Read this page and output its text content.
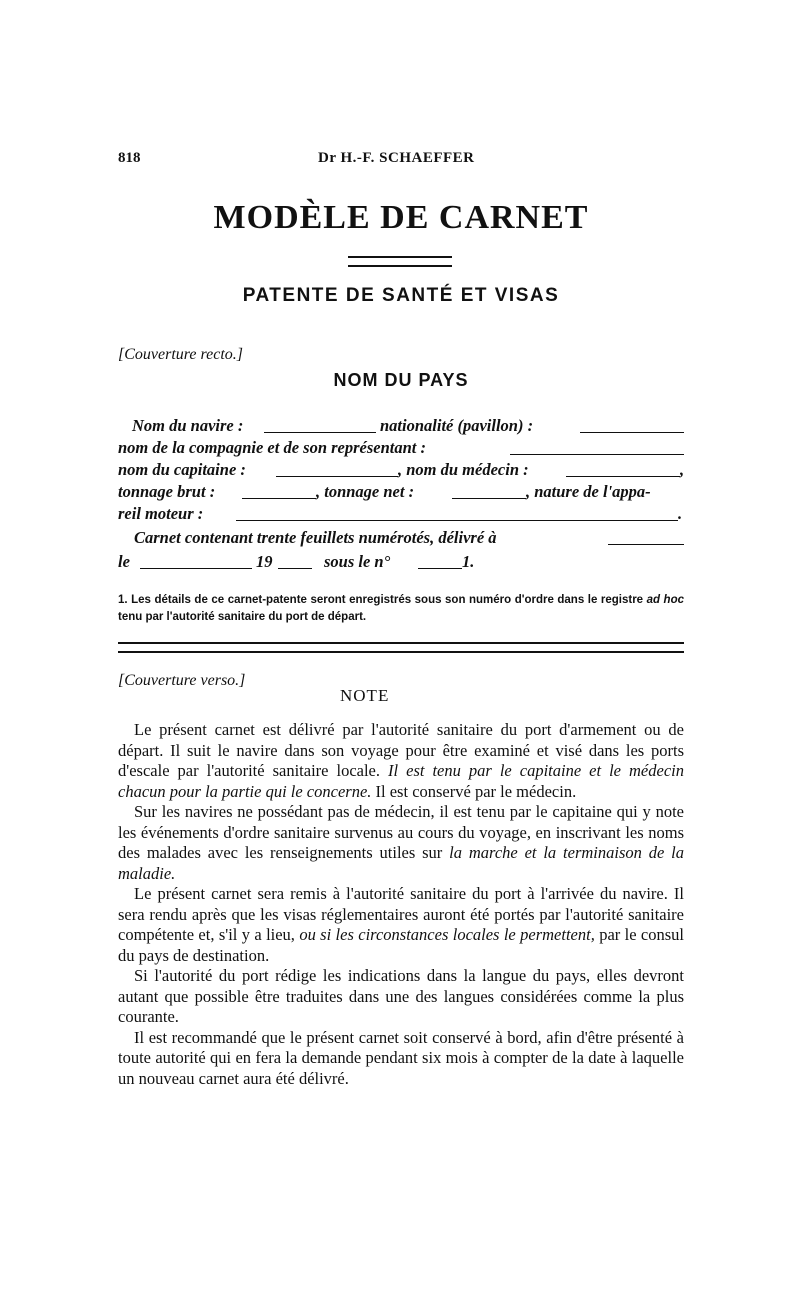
818	Dr H.-F. SCHAEFFER
MODÈLE DE CARNET
PATENTE DE SANTÉ ET VISAS
[Couverture recto.]
NOM DU PAYS
Nom du navire :	nationalité (pavillon) :
nom de la compagnie et de son représentant :
nom du capitaine :	, nom du médecin :	,
tonnage brut :	, tonnage net :	, nature de l'appa-
reil moteur :	.
Carnet contenant trente feuillets numérotés, délivré à
le	19	sous le n°	1.

1. Les détails de ce carnet-patente seront enregistrés sous son numéro d'ordre dans le registre ad hoc tenu par l'autorité sanitaire du port de départ.

[Couverture verso.]
NOTE

Le présent carnet est délivré par l'autorité sanitaire du port d'armement ou de départ. Il suit le navire dans son voyage pour être examiné et visé dans les ports d'escale par l'autorité sanitaire locale. Il est tenu par le capitaine et le médecin chacun pour la partie qui le concerne. Il est conservé par le médecin.

Sur les navires ne possédant pas de médecin, il est tenu par le capitaine qui y note les événements d'ordre sanitaire survenus au cours du voyage, en inscrivant les noms des malades avec les renseignements utiles sur la marche et la terminaison de la maladie.

Le présent carnet sera remis à l'autorité sanitaire du port à l'arrivée du navire. Il sera rendu après que les visas réglementaires auront été portés par l'autorité sanitaire compétente et, s'il y a lieu, ou si les circonstances locales le permettent, par le consul du pays de destination.

Si l'autorité du port rédige les indications dans la langue du pays, elles devront autant que possible être traduites dans une des langues considérées comme la plus courante.

Il est recommandé que le présent carnet soit conservé à bord, afin d'être présenté à toute autorité qui en fera la demande pendant six mois à compter de la date à laquelle un nouveau carnet aura été délivré.
